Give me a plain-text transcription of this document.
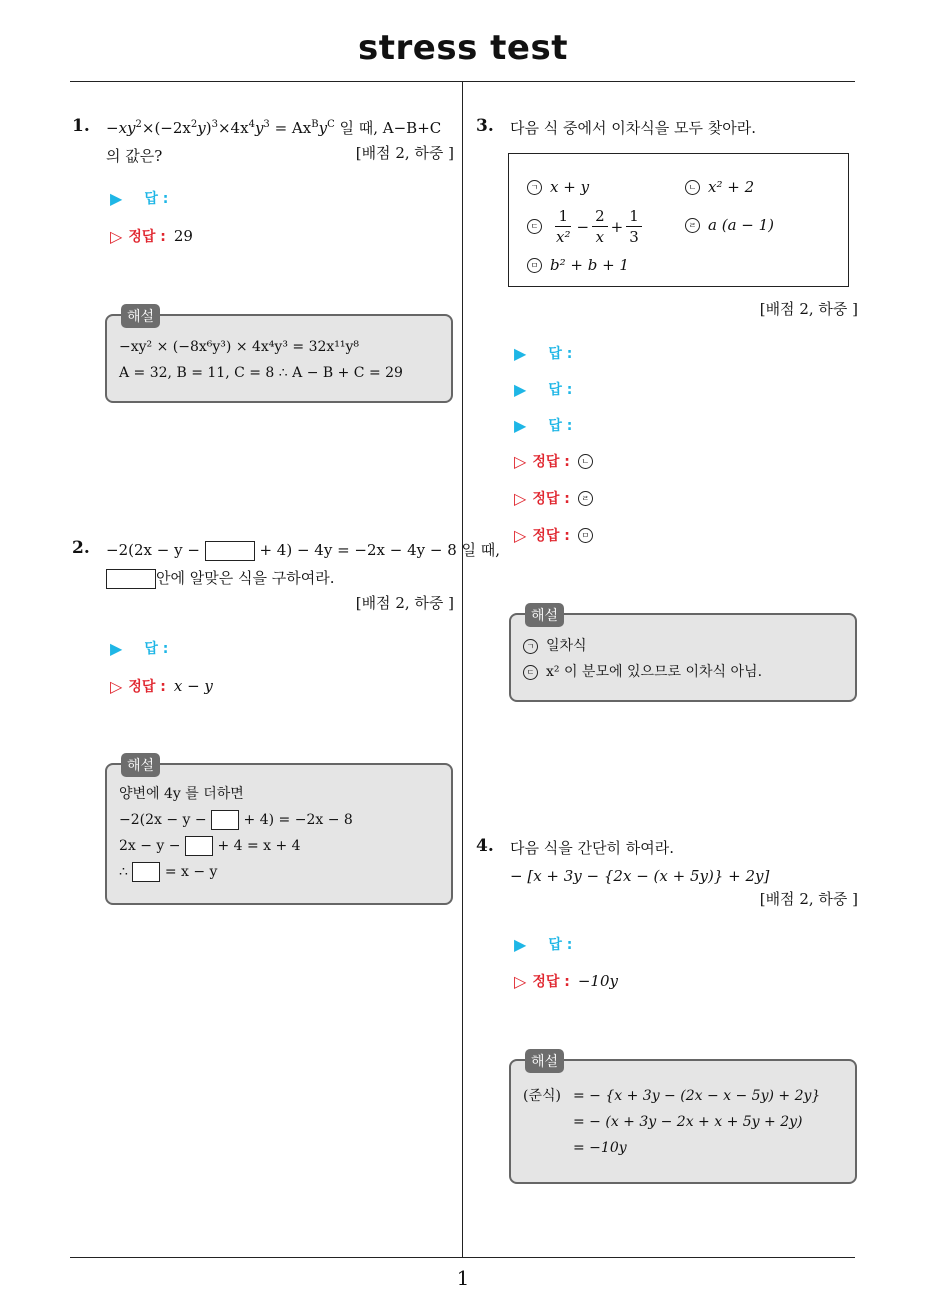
stress test
1
1. $-xy^2\times(-2x^2y)^3\times 4x^4y^3 = Ax^By^C$ 일 때, A−B+C
의 값은?	[배점 2, 하중 ]
▶ 답 :
▷ 정답 : 29
해설
−xy² × (−8x⁶y³) × 4x⁴y³ = 32x¹¹y⁸
A = 32, B = 11, C = 8 ∴ A − B + C = 29
2. −2(2x − y −	+ 4) − 4y = −2x − 4y − 8 일 때,
안에 알맞은 식을 구하여라.
[배점 2, 하중 ]
▶ 답 :
▷ 정답 : x − y
해설
양변에 4y 를 더하면
−2(2x − y −	+ 4) = −2x − 8
2x − y −	+ 4 = x + 4
∴	= x − y
3. 다음 식 중에서 이차식을 모두 찾아라.
ㄱ x + y	ㄴ x² + 2
ㄷ $\frac{1}{\text{x²}} - \frac{2}{x} + \frac{1}{3}$	ㄹ a (a − 1)
ㅁ b² + b + 1
[배점 2, 하중 ]
▶ 답 :
▶ 답 :
▶ 답 :
▷ 정답 :	ㄴ
▷ 정답 :	ㄹ
▷ 정답 :	ㅁ
해설
ㄱ 일차식
ㄷ x² 이 분모에 있으므로 이차식 아님.
4. 다음 식을 간단히 하여라.
− [x + 3y − {2x − (x + 5y)} + 2y]
[배점 2, 하중 ]
▶ 답 :
▷ 정답 : −10y
해설
(준식) = − {x + 3y − (2x − x − 5y) + 2y}
= − (x + 3y − 2x + x + 5y + 2y)
= −10y
